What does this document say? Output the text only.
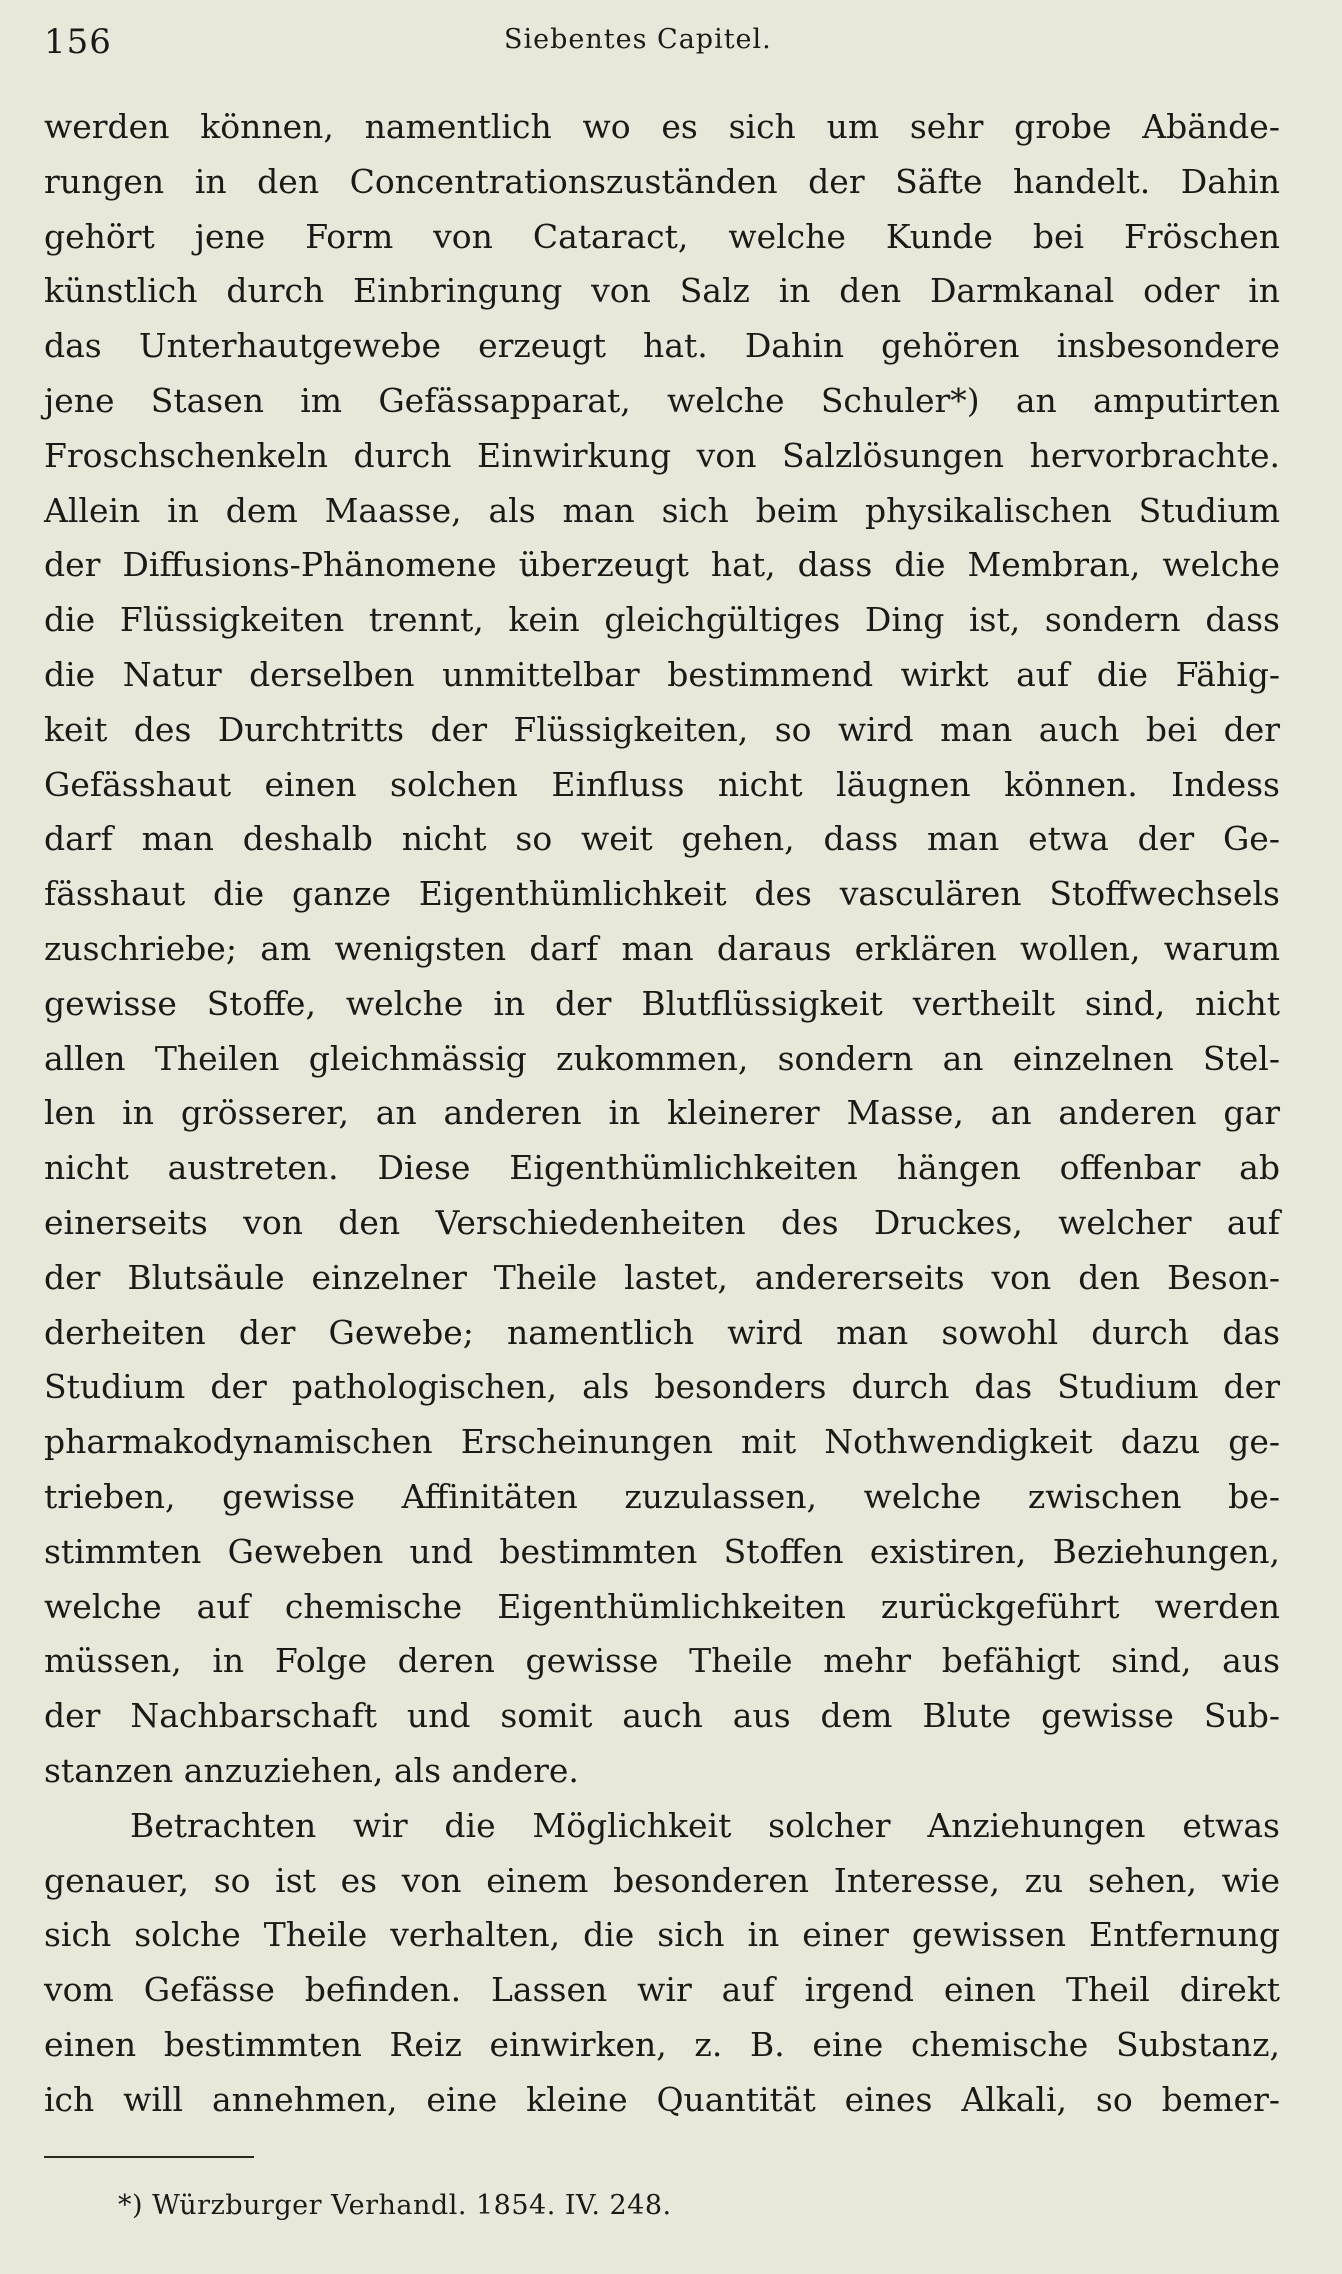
156	Siebentes Capitel.
werden können, namentlich wo es sich um sehr grobe Abände-
rungen in den Concentrationszuständen der Säfte handelt. Dahin
gehört jene Form von Cataract, welche Kunde bei Fröschen
künstlich durch Einbringung von Salz in den Darmkanal oder in
das Unterhautgewebe erzeugt hat. Dahin gehören insbesondere
jene Stasen im Gefässapparat, welche Schuler*) an amputirten
Froschschenkeln durch Einwirkung von Salzlösungen hervorbrachte.
Allein in dem Maasse, als man sich beim physikalischen Studium
der Diffusions-Phänomene überzeugt hat, dass die Membran, welche
die Flüssigkeiten trennt, kein gleichgültiges Ding ist, sondern dass
die Natur derselben unmittelbar bestimmend wirkt auf die Fähig-
keit des Durchtritts der Flüssigkeiten, so wird man auch bei der
Gefässhaut einen solchen Einfluss nicht läugnen können. Indess
darf man deshalb nicht so weit gehen, dass man etwa der Ge-
fässhaut die ganze Eigenthümlichkeit des vasculären Stoffwechsels
zuschriebe; am wenigsten darf man daraus erklären wollen, warum
gewisse Stoffe, welche in der Blutflüssigkeit vertheilt sind, nicht
allen Theilen gleichmässig zukommen, sondern an einzelnen Stel-
len in grösserer, an anderen in kleinerer Masse, an anderen gar
nicht austreten. Diese Eigenthümlichkeiten hängen offenbar ab
einerseits von den Verschiedenheiten des Druckes, welcher auf
der Blutsäule einzelner Theile lastet, andererseits von den Beson-
derheiten der Gewebe; namentlich wird man sowohl durch das
Studium der pathologischen, als besonders durch das Studium der
pharmakodynamischen Erscheinungen mit Nothwendigkeit dazu ge-
trieben, gewisse Affinitäten zuzulassen, welche zwischen be-
stimmten Geweben und bestimmten Stoffen existiren, Beziehungen,
welche auf chemische Eigenthümlichkeiten zurückgeführt werden
müssen, in Folge deren gewisse Theile mehr befähigt sind, aus
der Nachbarschaft und somit auch aus dem Blute gewisse Sub-
stanzen anzuziehen, als andere.
Betrachten wir die Möglichkeit solcher Anziehungen etwas
genauer, so ist es von einem besonderen Interesse, zu sehen, wie
sich solche Theile verhalten, die sich in einer gewissen Entfernung
vom Gefässe befinden. Lassen wir auf irgend einen Theil direkt
einen bestimmten Reiz einwirken, z. B. eine chemische Substanz,
ich will annehmen, eine kleine Quantität eines Alkali, so bemer-
*) Würzburger Verhandl. 1854. IV. 248.
